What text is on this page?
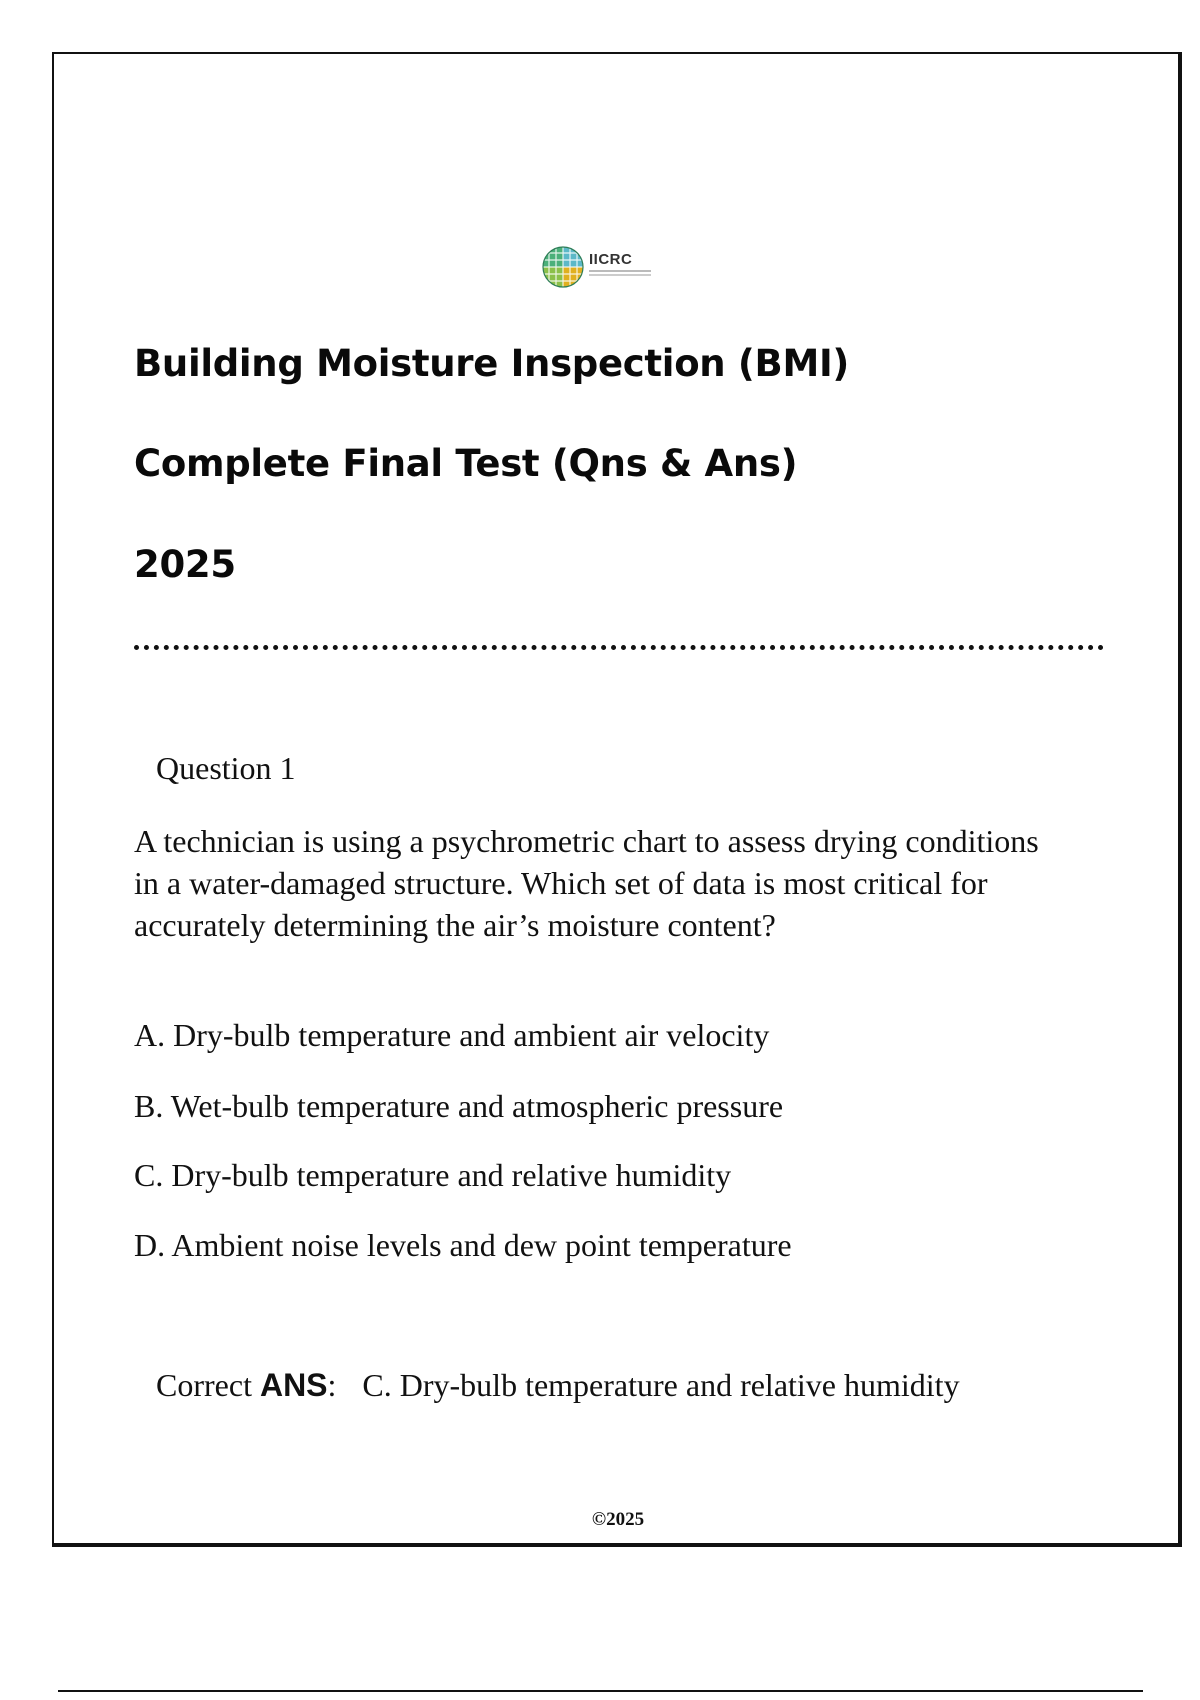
IICRC
Building Moisture Inspection (BMI)
Complete Final Test (Qns & Ans)
2025
Question 1
A technician is using a psychrometric chart to assess drying conditions in a water-damaged structure. Which set of data is most critical for accurately determining the air’s moisture content?
A. Dry-bulb temperature and ambient air velocity
B. Wet-bulb temperature and atmospheric pressure
C. Dry-bulb temperature and relative humidity
D. Ambient noise levels and dew point temperature
Correct ANS: C. Dry-bulb temperature and relative humidity
©2025
